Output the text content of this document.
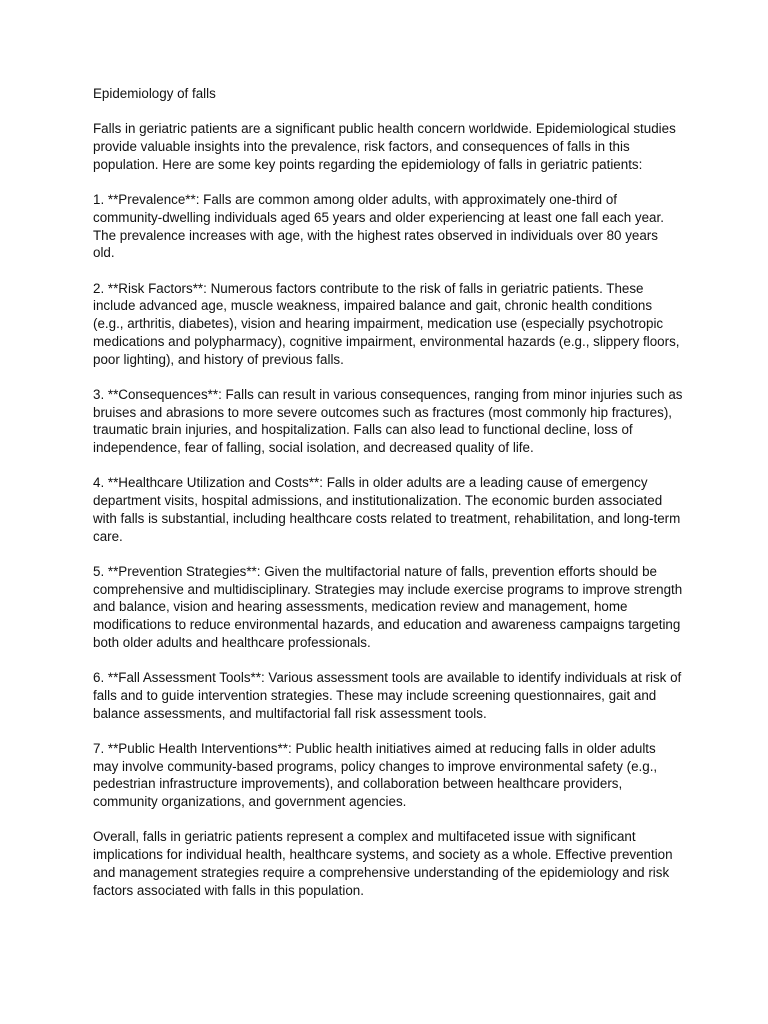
Epidemiology of falls

Falls in geriatric patients are a significant public health concern worldwide. Epidemiological studies provide valuable insights into the prevalence, risk factors, and consequences of falls in this population. Here are some key points regarding the epidemiology of falls in geriatric patients:

1. **Prevalence**: Falls are common among older adults, with approximately one-third of community-dwelling individuals aged 65 years and older experiencing at least one fall each year. The prevalence increases with age, with the highest rates observed in individuals over 80 years old.

2. **Risk Factors**: Numerous factors contribute to the risk of falls in geriatric patients. These include advanced age, muscle weakness, impaired balance and gait, chronic health conditions (e.g., arthritis, diabetes), vision and hearing impairment, medication use (especially psychotropic medications and polypharmacy), cognitive impairment, environmental hazards (e.g., slippery floors, poor lighting), and history of previous falls.

3. **Consequences**: Falls can result in various consequences, ranging from minor injuries such as bruises and abrasions to more severe outcomes such as fractures (most commonly hip fractures), traumatic brain injuries, and hospitalization. Falls can also lead to functional decline, loss of independence, fear of falling, social isolation, and decreased quality of life.

4. **Healthcare Utilization and Costs**: Falls in older adults are a leading cause of emergency department visits, hospital admissions, and institutionalization. The economic burden associated with falls is substantial, including healthcare costs related to treatment, rehabilitation, and long-term care.

5. **Prevention Strategies**: Given the multifactorial nature of falls, prevention efforts should be comprehensive and multidisciplinary. Strategies may include exercise programs to improve strength and balance, vision and hearing assessments, medication review and management, home modifications to reduce environmental hazards, and education and awareness campaigns targeting both older adults and healthcare professionals.

6. **Fall Assessment Tools**: Various assessment tools are available to identify individuals at risk of falls and to guide intervention strategies. These may include screening questionnaires, gait and balance assessments, and multifactorial fall risk assessment tools.

7. **Public Health Interventions**: Public health initiatives aimed at reducing falls in older adults may involve community-based programs, policy changes to improve environmental safety (e.g., pedestrian infrastructure improvements), and collaboration between healthcare providers, community organizations, and government agencies.

Overall, falls in geriatric patients represent a complex and multifaceted issue with significant implications for individual health, healthcare systems, and society as a whole. Effective prevention and management strategies require a comprehensive understanding of the epidemiology and risk factors associated with falls in this population.
